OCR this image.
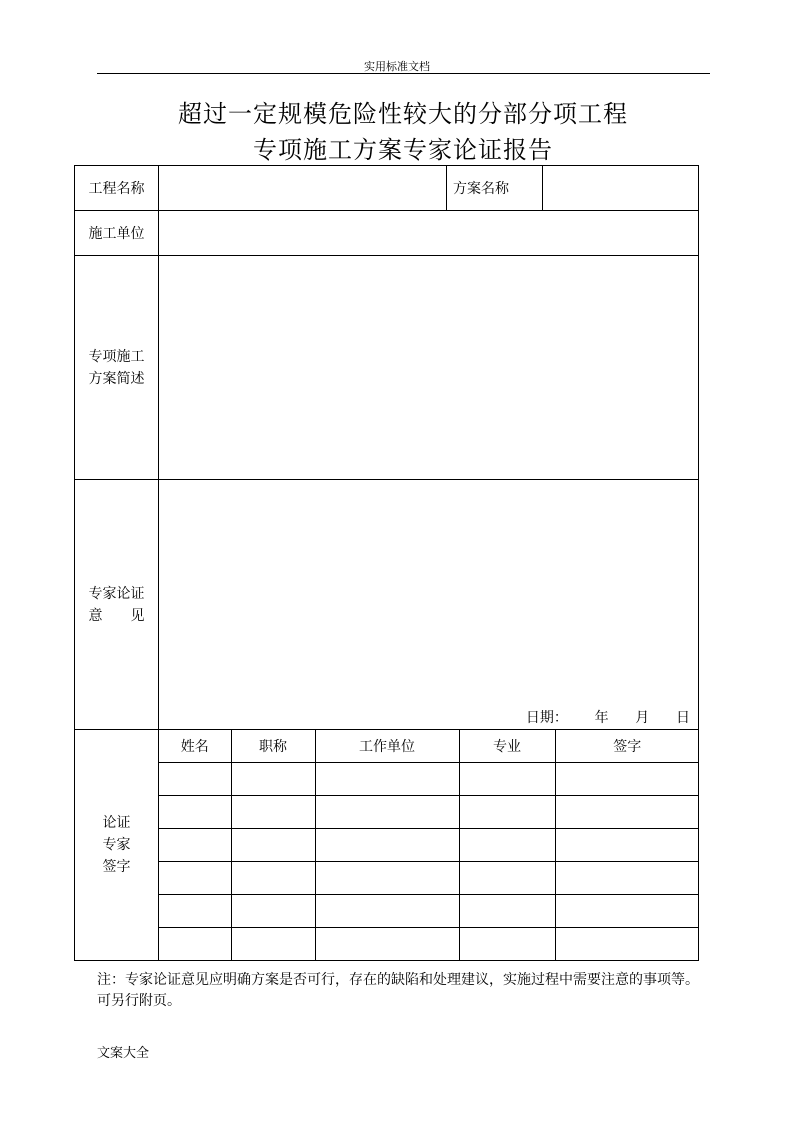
实用标准文档
超过一定规模危险性较大的分部分项工程
专项施工方案专家论证报告
工程名称		方案名称	
施工单位	

专项施工
方案简述

专家论证
意　　见

日期：      年      月      日

论证
专家
签字

姓名	职称	工作单位	专业	签字

注：专家论证意见应明确方案是否可行，存在的缺陷和处理建议，实施过程中需要注意的事项等。可另行附页。
文案大全
